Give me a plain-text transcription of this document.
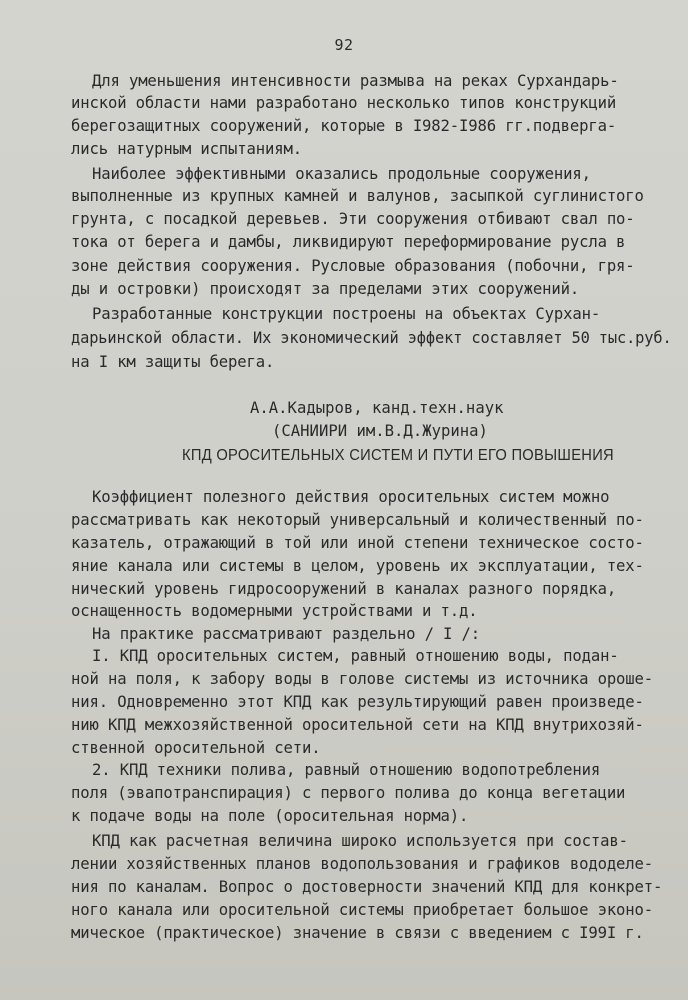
92
Для уменьшения интенсивности размыва на реках Сурхандарь-
инской области нами разработано несколько типов конструкций
берегозащитных сооружений, которые в I982-I986 гг.подверга-
лись натурным испытаниям.
Наиболее эффективными оказались продольные сооружения,
выполненные из крупных камней и валунов, засыпкой суглинистого
грунта, с посадкой деревьев. Эти сооружения отбивают свал по-
тока от берега и дамбы, ликвидируют переформирование русла в
зоне действия сооружения. Русловые образования (побочни, гря-
ды и островки) происходят за пределами этих сооружений.
Разработанные конструкции построены на объектах Сурхан-
дарьинской области. Их экономический эффект составляет 50 тыс.руб.
на I км защиты берега.
А.А.Кадыров, канд.техн.наук
(САНИИРИ им.В.Д.Журина)
КПД ОРОСИТЕЛЬНЫХ СИСТЕМ И ПУТИ ЕГО ПОВЫШЕНИЯ
Коэффициент полезного действия оросительных систем можно
рассматривать как некоторый универсальный и количественный по-
казатель, отражающий в той или иной степени техническое состо-
яние канала или системы в целом, уровень их эксплуатации, тех-
нический уровень гидросооружений в каналах разного порядка,
оснащенность водомерными устройствами и т.д.
На практике рассматривают раздельно / I /:
I. КПД оросительных систем, равный отношению воды, подан-
ной на поля, к забору воды в голове системы из источника ороше-
ния. Одновременно этот КПД как результирующий равен произведе-
нию КПД межхозяйственной оросительной сети на КПД внутрихозяй-
ственной оросительной сети.
2. КПД техники полива, равный отношению водопотребления
поля (эвапотранспирация) с первого полива до конца вегетации
к подаче воды на поле (оросительная норма).
КПД как расчетная величина широко используется при состав-
лении хозяйственных планов водопользования и графиков вододеле-
ния по каналам. Вопрос о достоверности значений КПД для конкрет-
ного канала или оросительной системы приобретает большое эконо-
мическое (практическое) значение в связи с введением с I99I г.
